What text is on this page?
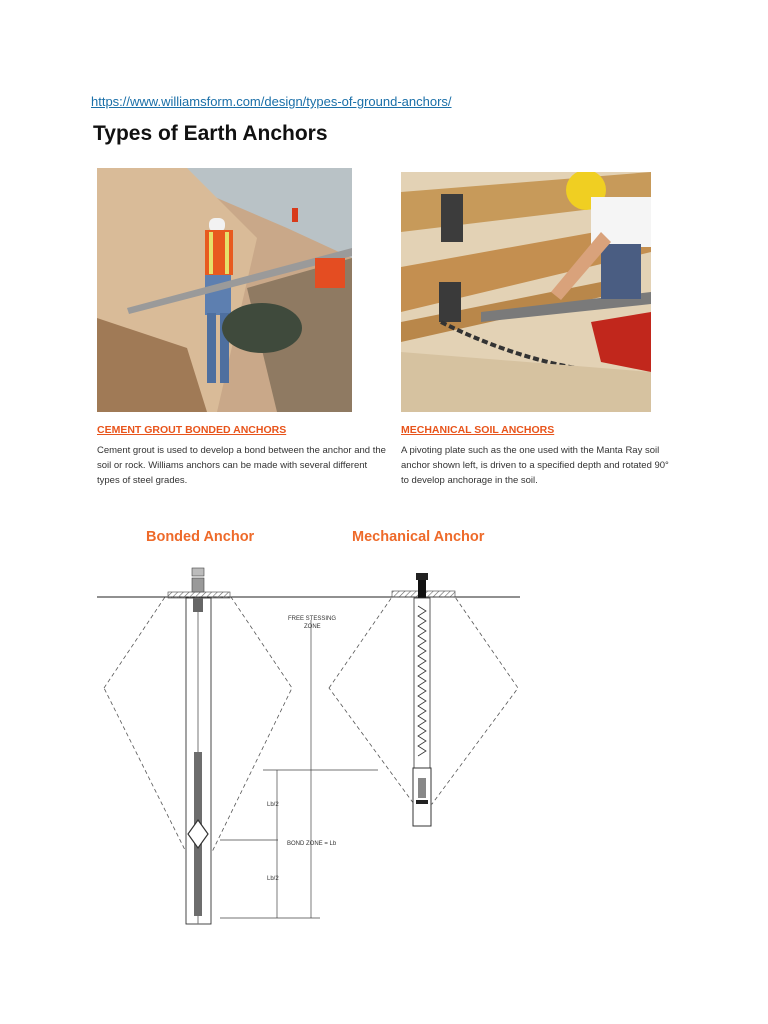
https://www.williamsform.com/design/types-of-ground-anchors/
Types of Earth Anchors
CEMENT GROUT BONDED ANCHORS
Cement grout is used to develop a bond between the anchor and the soil or rock. Williams anchors can be made with several different types of steel grades.
MECHANICAL SOIL ANCHORS
A pivoting plate such as the one used with the Manta Ray soil anchor shown left, is driven to a specified depth and rotated 90° to develop anchorage in the soil.
Bonded Anchor	Mechanical Anchor
FREE STESSING
ZONE
Lb/2
BOND ZONE = Lb
Lb/2
